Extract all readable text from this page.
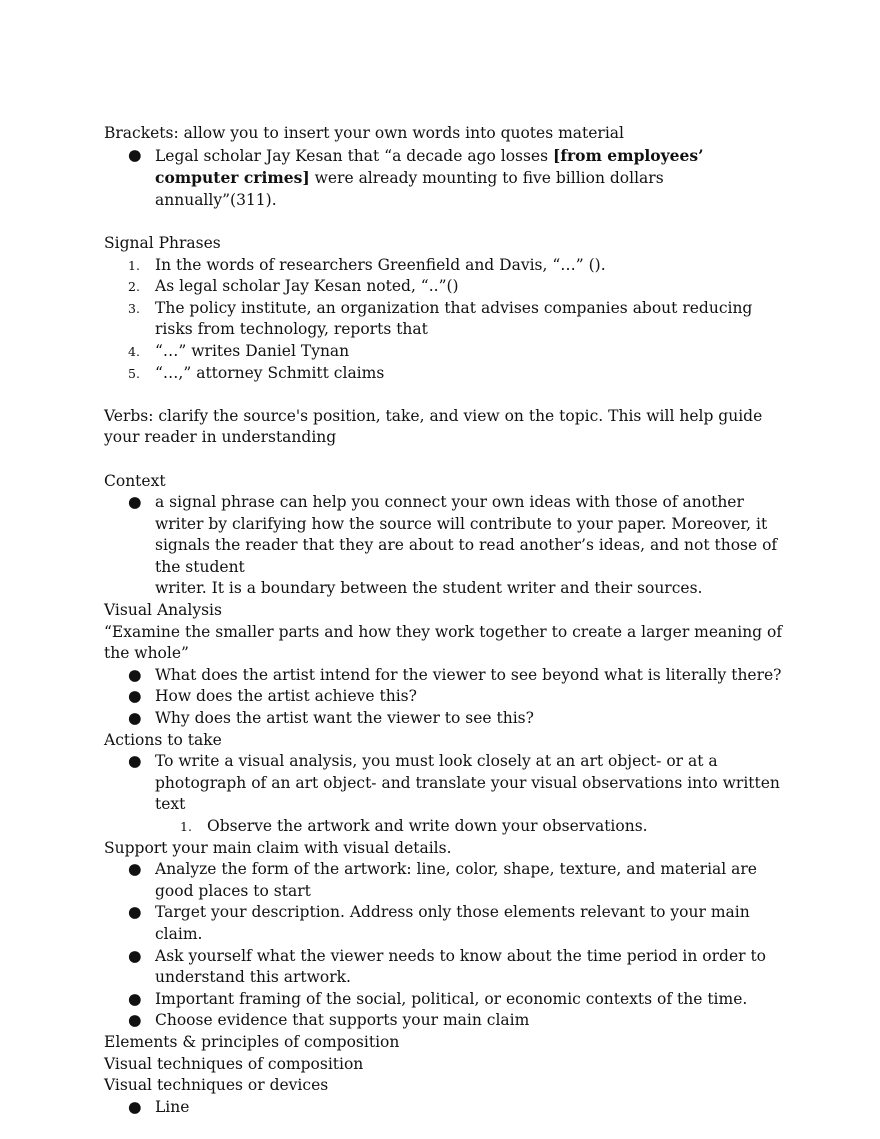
Brackets: allow you to insert your own words into quotes material
● Legal scholar Jay Kesan that “a decade ago losses [from employees’ computer crimes] were already mounting to five billion dollars annually”(311).
Signal Phrases
1. In the words of researchers Greenfield and Davis, “…” ().
2. As legal scholar Jay Kesan noted, “..”()
3. The policy institute, an organization that advises companies about reducing risks from technology, reports that
4. “…” writes Daniel Tynan
5. “…,” attorney Schmitt claims
Verbs: clarify the source's position, take, and view on the topic. This will help guide your reader in understanding
Context
● a signal phrase can help you connect your own ideas with those of another writer by clarifying how the source will contribute to your paper. Moreover, it signals the reader that they are about to read another’s ideas, and not those of the student
writer. It is a boundary between the student writer and their sources.
Visual Analysis
“Examine the smaller parts and how they work together to create a larger meaning of the whole”
● What does the artist intend for the viewer to see beyond what is literally there?
● How does the artist achieve this?
● Why does the artist want the viewer to see this?
Actions to take
● To write a visual analysis, you must look closely at an art object- or at a photograph of an art object- and translate your visual observations into written text
1. Observe the artwork and write down your observations.
Support your main claim with visual details.
● Analyze the form of the artwork: line, color, shape, texture, and material are good places to start
● Target your description. Address only those elements relevant to your main claim.
● Ask yourself what the viewer needs to know about the time period in order to understand this artwork.
● Important framing of the social, political, or economic contexts of the time.
● Choose evidence that supports your main claim
Elements & principles of composition
Visual techniques of composition
Visual techniques or devices
● Line
